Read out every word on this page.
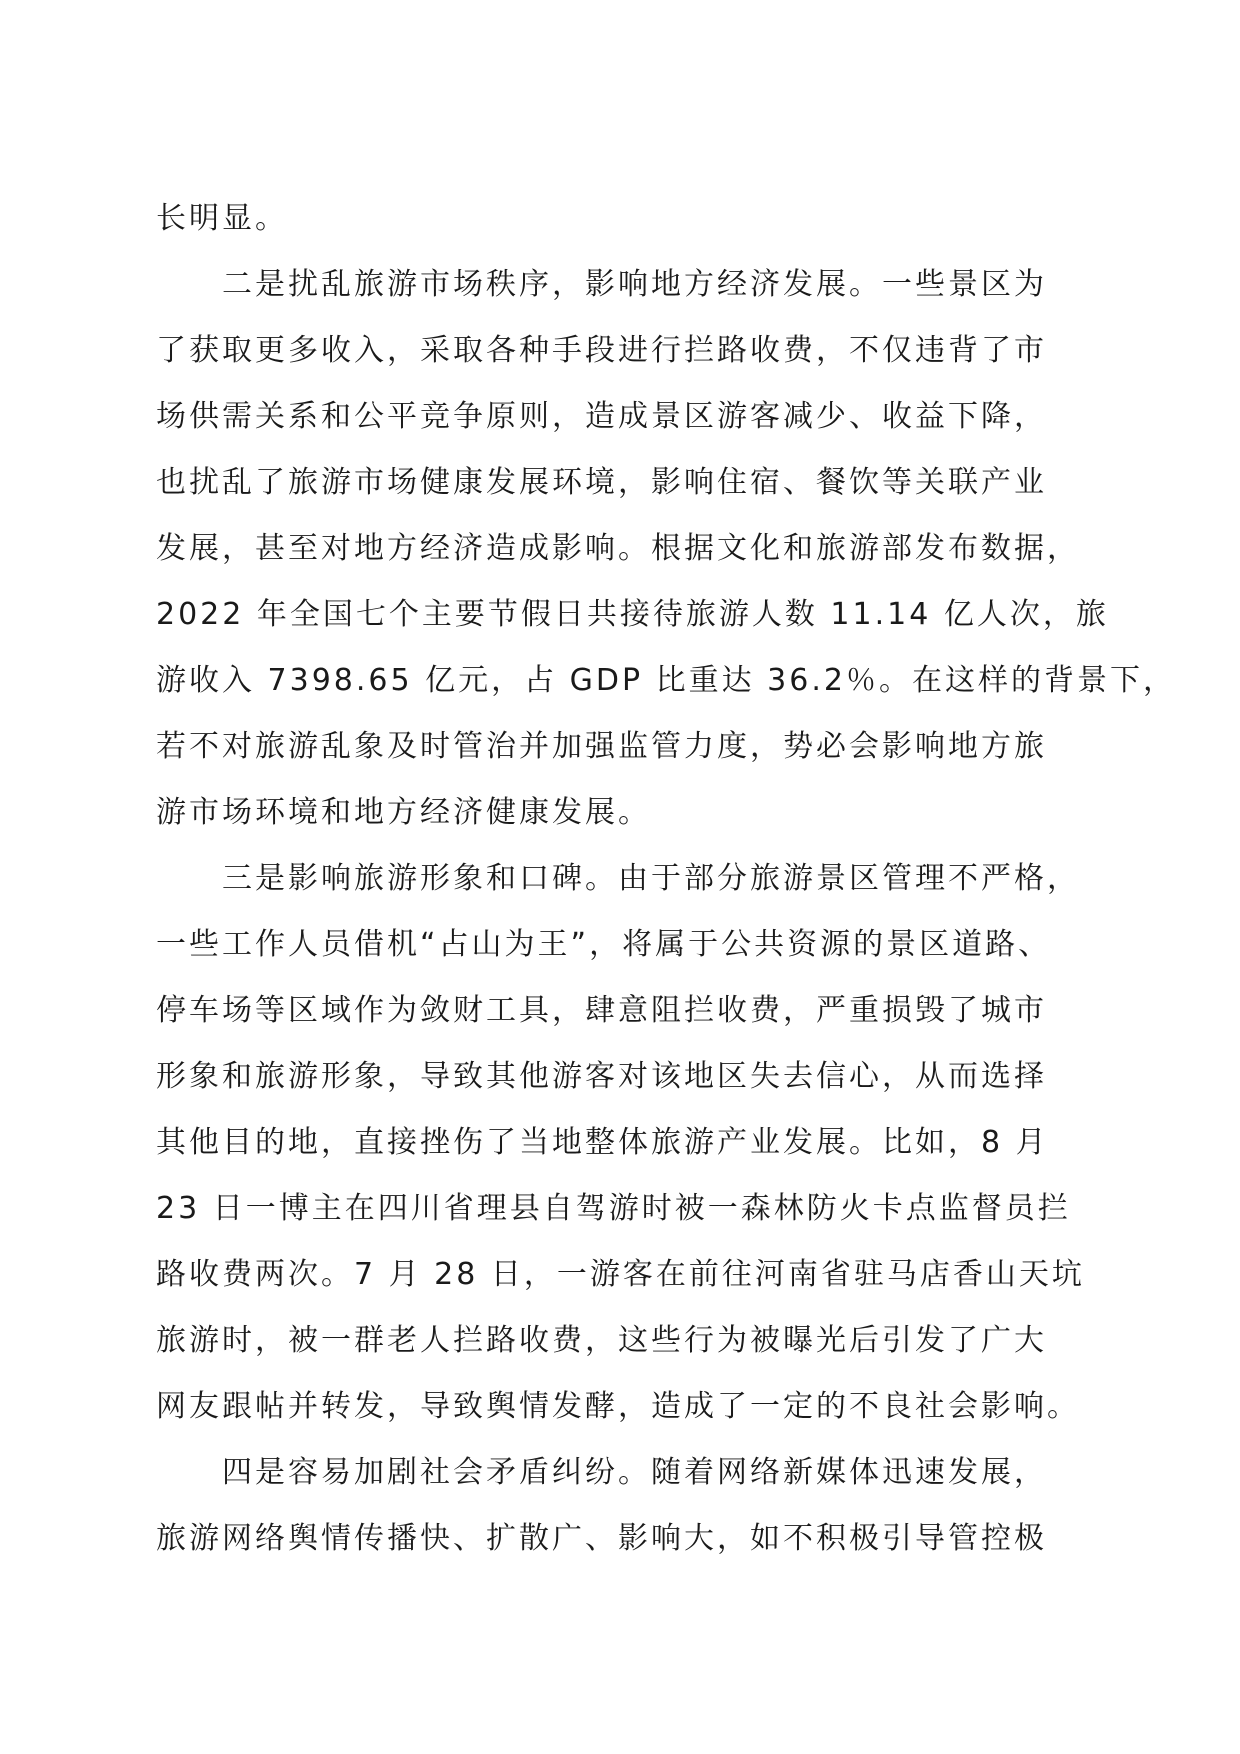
长明显。
二是扰乱旅游市场秩序，影响地方经济发展。一些景区为
了获取更多收入，采取各种手段进行拦路收费，不仅违背了市
场供需关系和公平竞争原则，造成景区游客减少、收益下降，
也扰乱了旅游市场健康发展环境，影响住宿、餐饮等关联产业
发展，甚至对地方经济造成影响。根据文化和旅游部发布数据，
2022 年全国七个主要节假日共接待旅游人数 11.14 亿人次，旅
游收入 7398.65 亿元，占 GDP 比重达 36.2％。在这样的背景下，
若不对旅游乱象及时管治并加强监管力度，势必会影响地方旅
游市场环境和地方经济健康发展。
三是影响旅游形象和口碑。由于部分旅游景区管理不严格，
一些工作人员借机“占山为王”，将属于公共资源的景区道路、
停车场等区域作为敛财工具，肆意阻拦收费，严重损毁了城市
形象和旅游形象，导致其他游客对该地区失去信心，从而选择
其他目的地，直接挫伤了当地整体旅游产业发展。比如，8 月
23 日一博主在四川省理县自驾游时被一森林防火卡点监督员拦
路收费两次。7 月 28 日，一游客在前往河南省驻马店香山天坑
旅游时，被一群老人拦路收费，这些行为被曝光后引发了广大
网友跟帖并转发，导致舆情发酵，造成了一定的不良社会影响。
四是容易加剧社会矛盾纠纷。随着网络新媒体迅速发展，
旅游网络舆情传播快、扩散广、影响大，如不积极引导管控极
